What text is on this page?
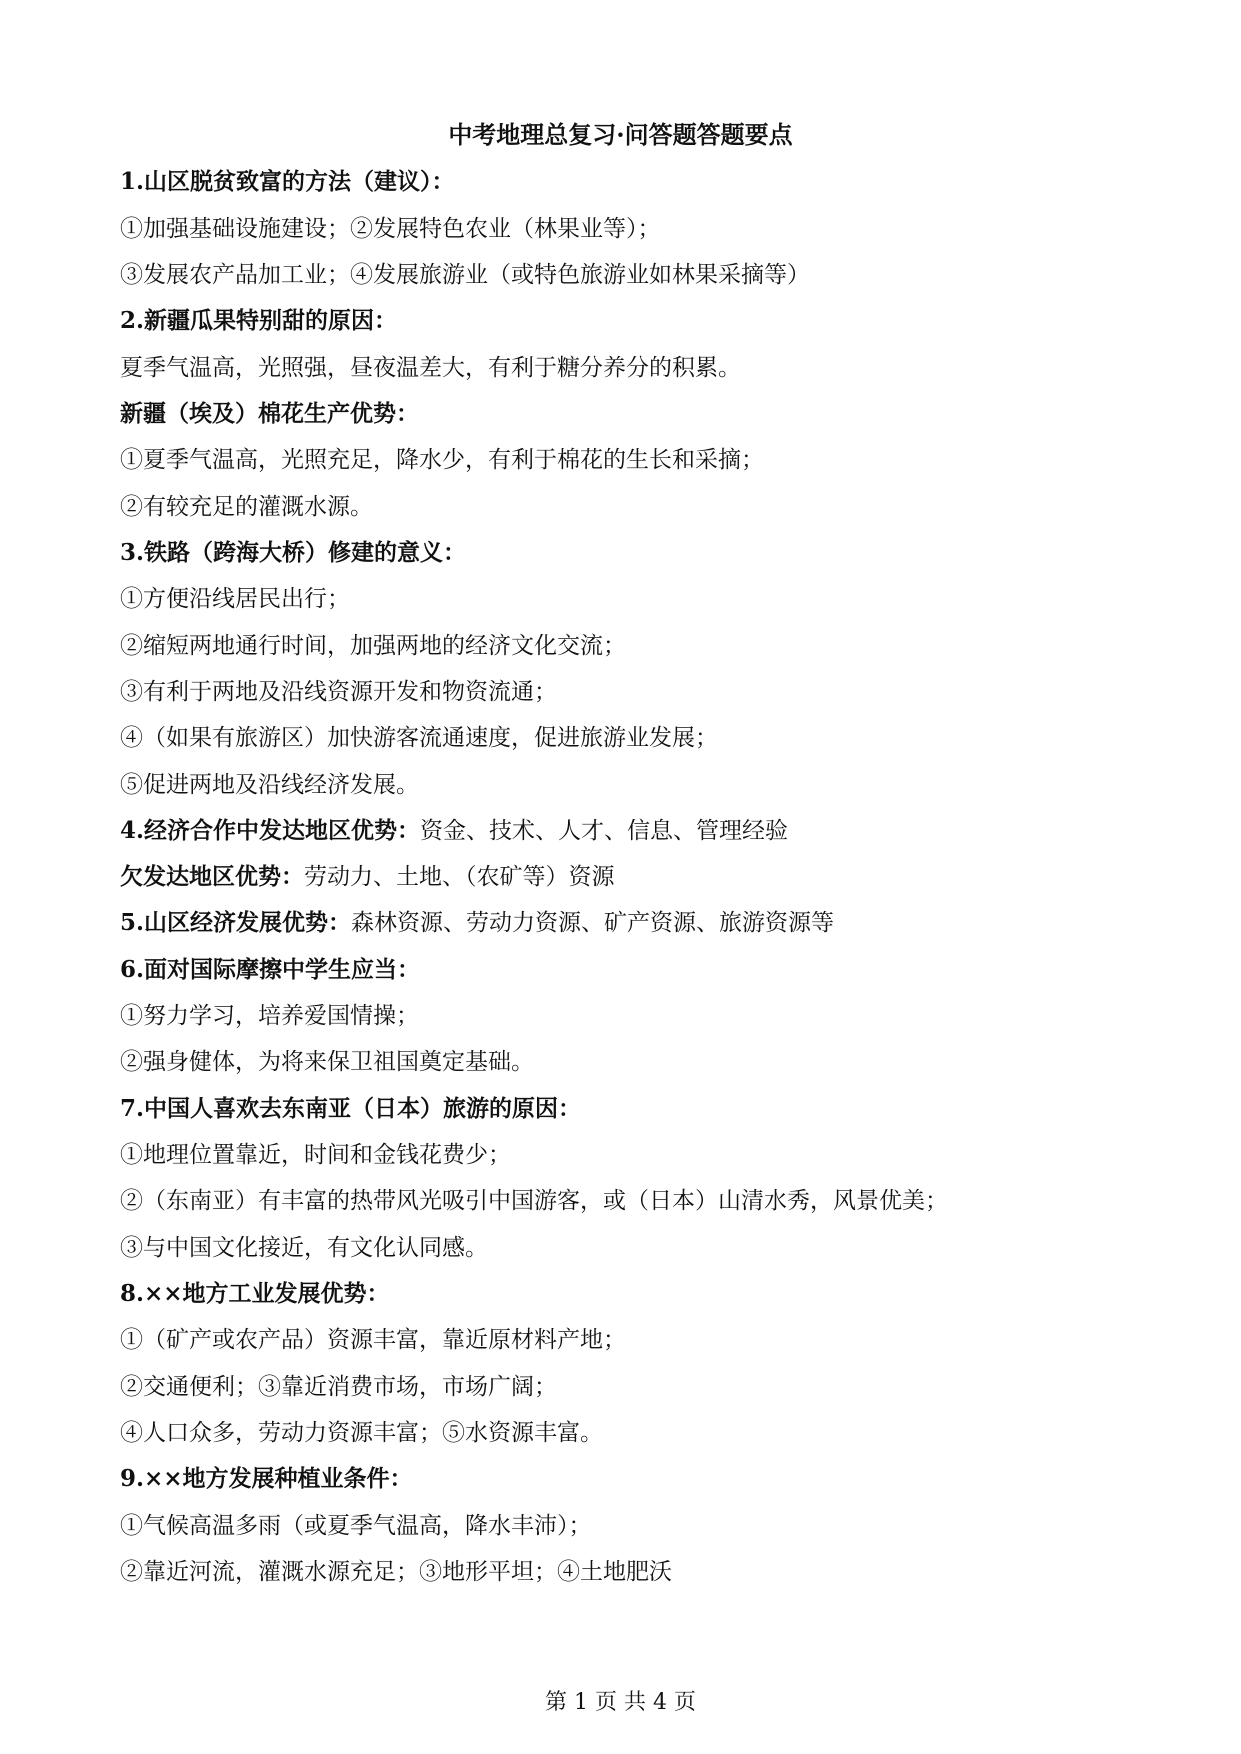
中考地理总复习·问答题答题要点
1.山区脱贫致富的方法（建议）：
①加强基础设施建设；②发展特色农业（林果业等）；
③发展农产品加工业；④发展旅游业（或特色旅游业如林果采摘等）
2.新疆瓜果特别甜的原因：
夏季气温高，光照强，昼夜温差大，有利于糖分养分的积累。
新疆（埃及）棉花生产优势：
①夏季气温高，光照充足，降水少，有利于棉花的生长和采摘；
②有较充足的灌溉水源。
3.铁路（跨海大桥）修建的意义：
①方便沿线居民出行；
②缩短两地通行时间，加强两地的经济文化交流；
③有利于两地及沿线资源开发和物资流通；
④（如果有旅游区）加快游客流通速度，促进旅游业发展；
⑤促进两地及沿线经济发展。
4.经济合作中发达地区优势：资金、技术、人才、信息、管理经验
欠发达地区优势：劳动力、土地、（农矿等）资源
5.山区经济发展优势：森林资源、劳动力资源、矿产资源、旅游资源等
6.面对国际摩擦中学生应当：
①努力学习，培养爱国情操；
②强身健体，为将来保卫祖国奠定基础。
7.中国人喜欢去东南亚（日本）旅游的原因：
①地理位置靠近，时间和金钱花费少；
②（东南亚）有丰富的热带风光吸引中国游客，或（日本）山清水秀，风景优美；
③与中国文化接近，有文化认同感。
8.××地方工业发展优势：
①（矿产或农产品）资源丰富，靠近原材料产地；
②交通便利；③靠近消费市场，市场广阔；
④人口众多，劳动力资源丰富；⑤水资源丰富。
9.××地方发展种植业条件：
①气候高温多雨（或夏季气温高，降水丰沛）；
②靠近河流，灌溉水源充足；③地形平坦；④土地肥沃
第 1 页 共 4 页
